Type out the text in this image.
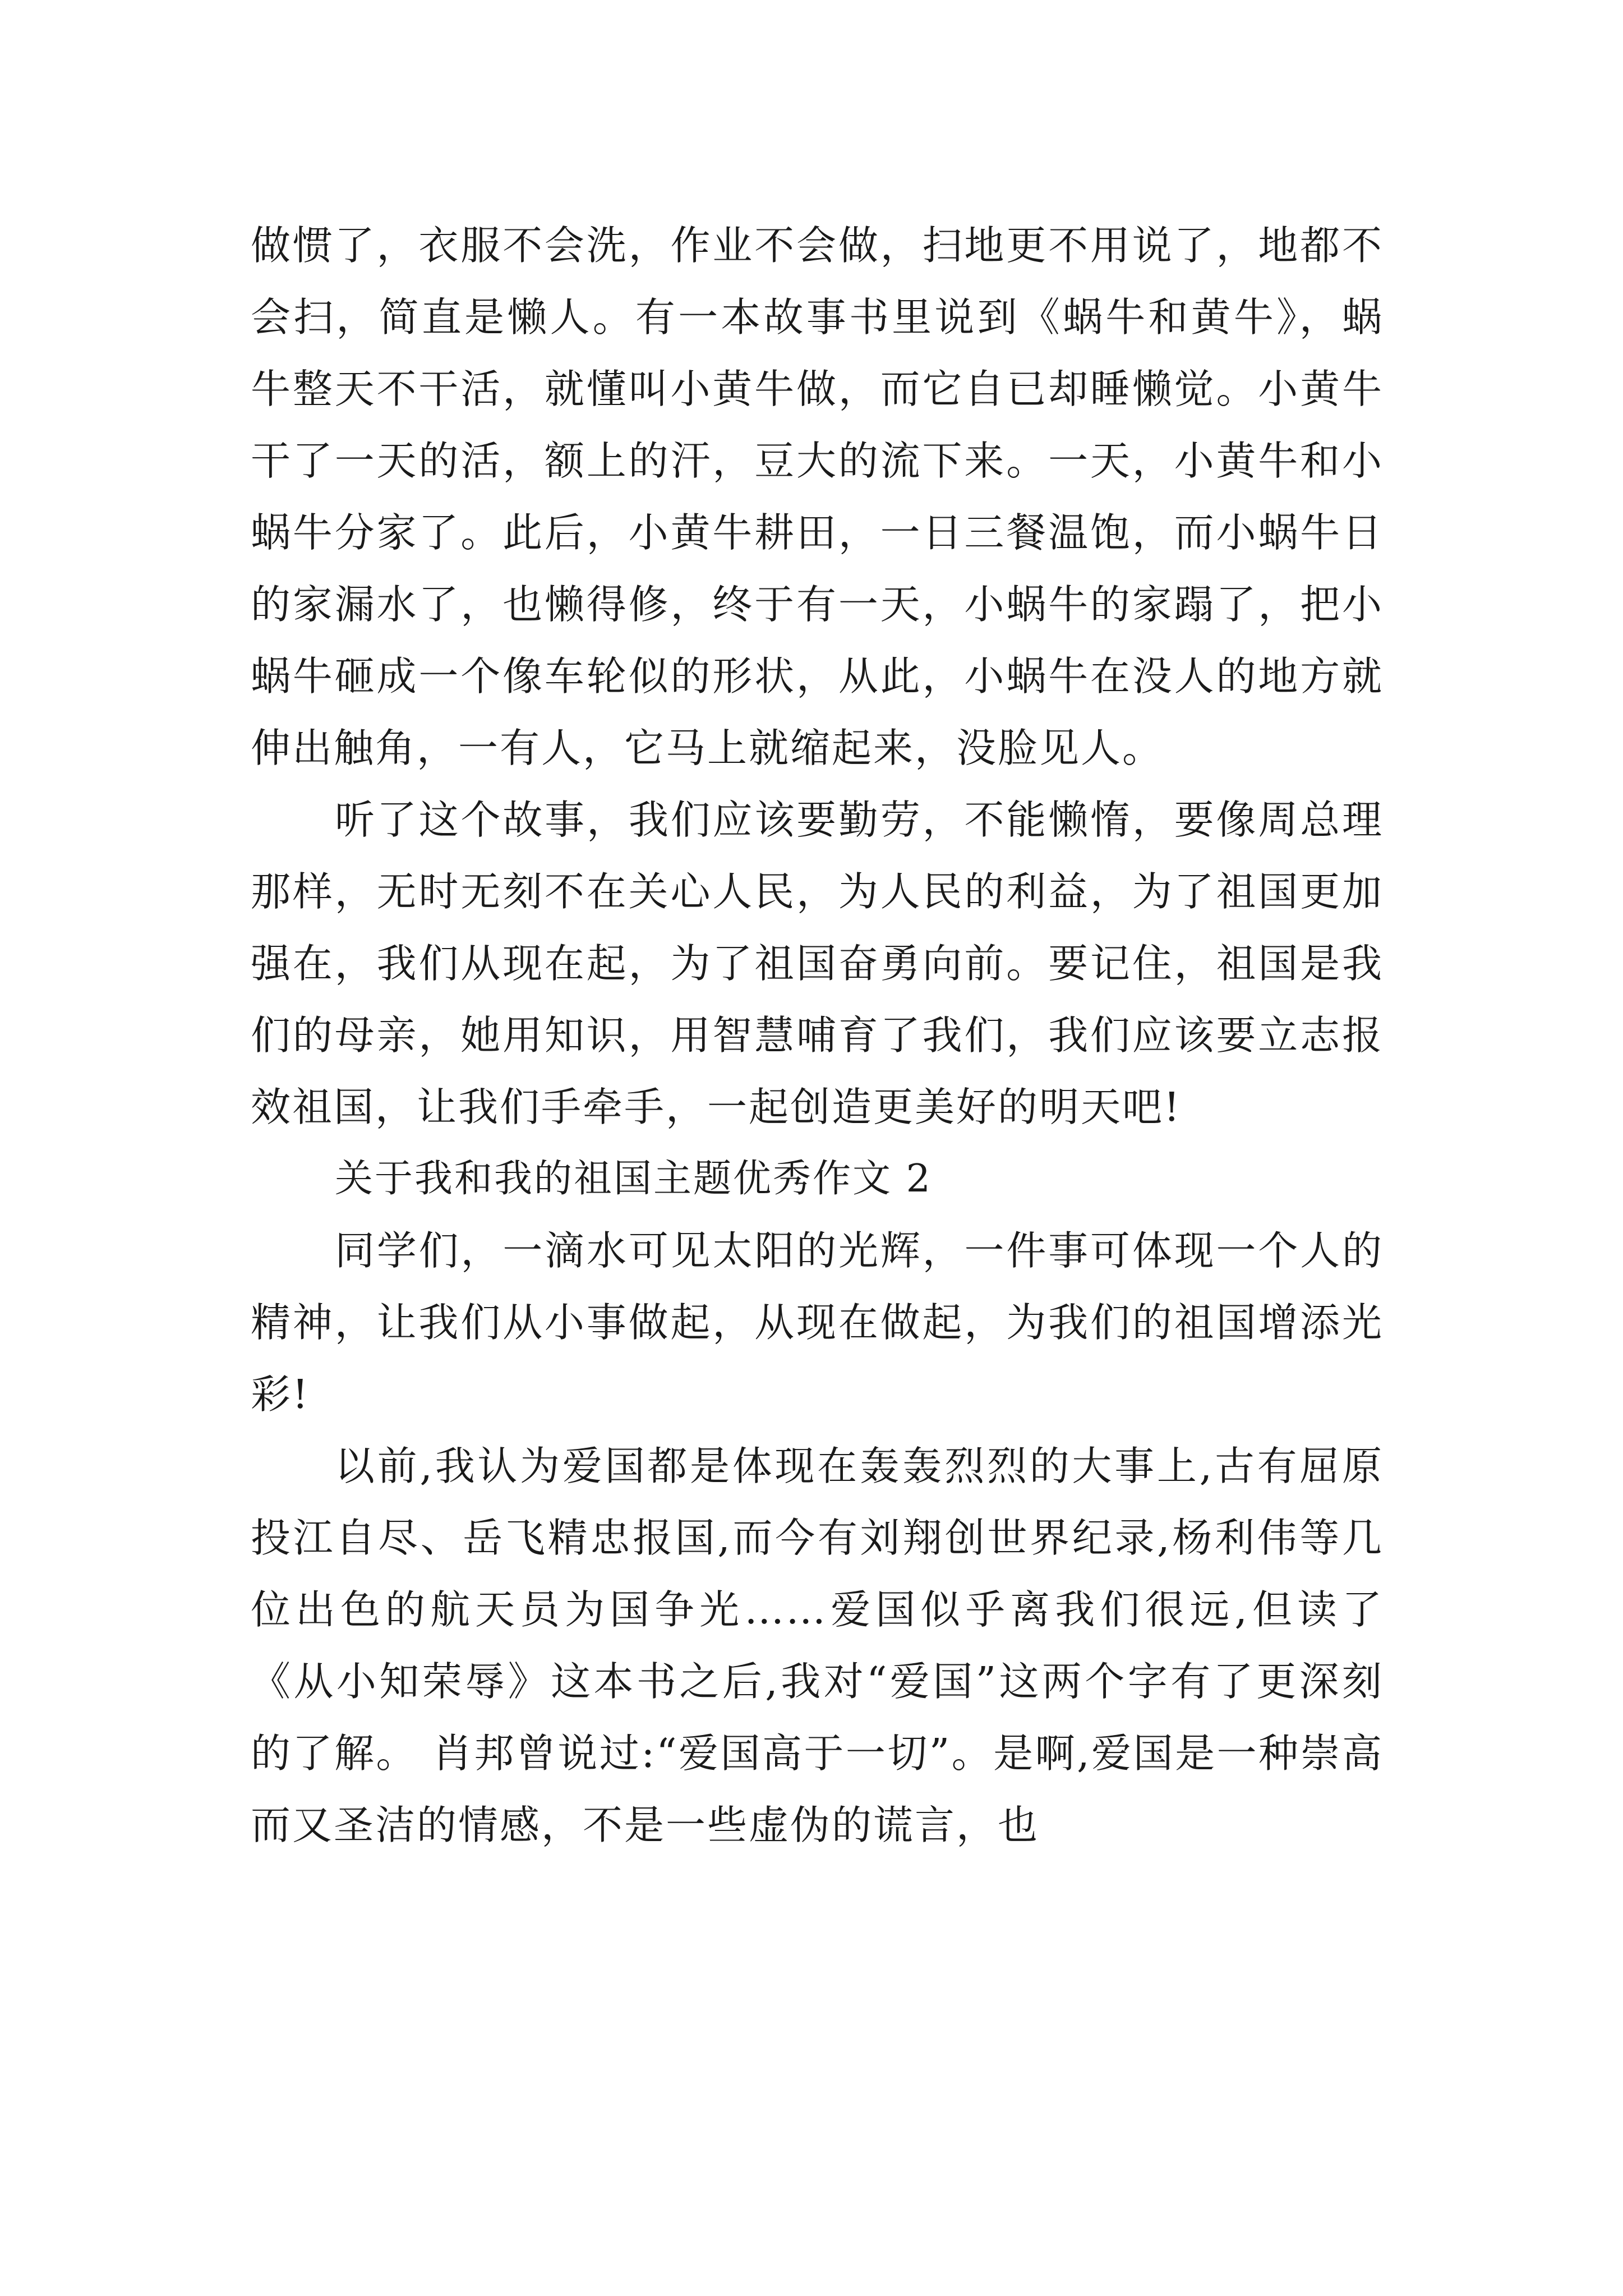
做惯了，衣服不会洗，作业不会做，扫地更不用说了，地都不会扫，简直是懒人。有一本故事书里说到《蜗牛和黄牛》，蜗牛整天不干活，就懂叫小黄牛做，而它自已却睡懒觉。小黄牛干了一天的活，额上的汗，豆大的流下来。一天，小黄牛和小蜗牛分家了。此后，小黄牛耕田，一日三餐温饱，而小蜗牛日的家漏水了，也懒得修，终于有一天，小蜗牛的家蹋了，把小蜗牛砸成一个像车轮似的形状，从此，小蜗牛在没人的地方就伸出触角，一有人，它马上就缩起来，没脸见人。

听了这个故事，我们应该要勤劳，不能懒惰，要像周总理那样，无时无刻不在关心人民，为人民的利益，为了祖国更加强在，我们从现在起，为了祖国奋勇向前。要记住，祖国是我们的母亲，她用知识，用智慧哺育了我们，我们应该要立志报效祖国，让我们手牵手，一起创造更美好的明天吧!

关于我和我的祖国主题优秀作文 2

同学们，一滴水可见太阳的光辉，一件事可体现一个人的精神，让我们从小事做起，从现在做起，为我们的祖国增添光彩!

以前,我认为爱国都是体现在轰轰烈烈的大事上,古有屈原投江自尽、岳飞精忠报国,而今有刘翔创世界纪录,杨利伟等几位出色的航天员为国争光……爱国似乎离我们很远,但读了《从小知荣辱》这本书之后,我对“爱国”这两个字有了更深刻的了解。 肖邦曾说过:“爱国高于一切”。是啊,爱国是一种崇高而又圣洁的情感，不是一些虚伪的谎言，也
